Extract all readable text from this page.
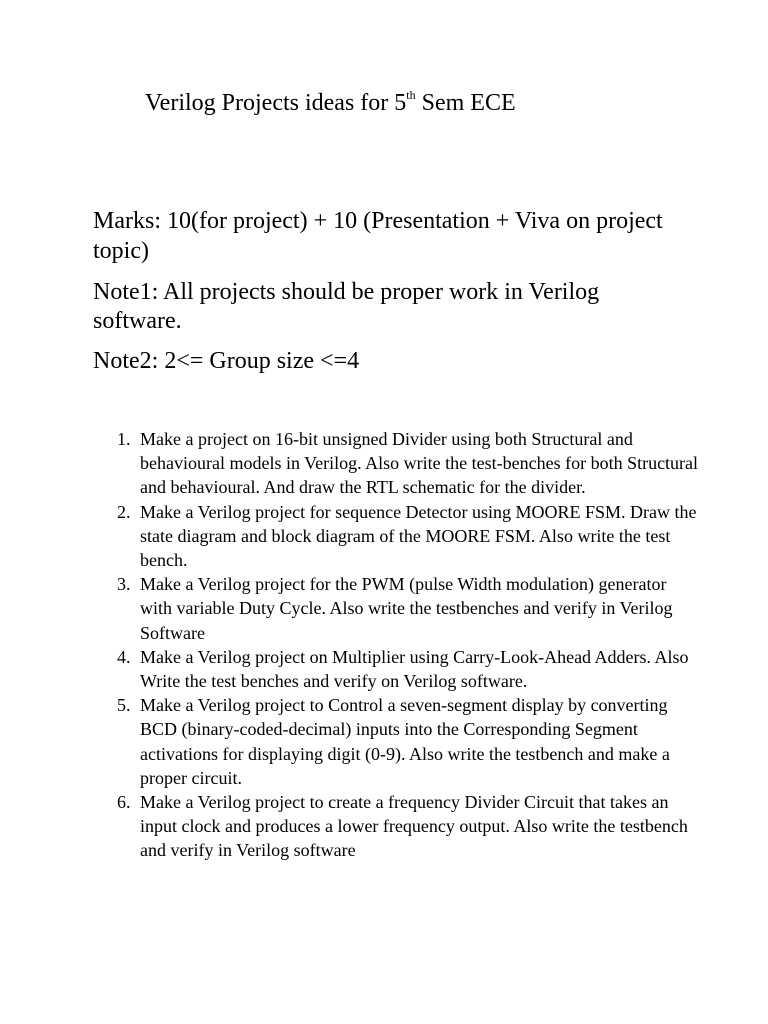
Verilog Projects ideas for 5th Sem ECE
Marks: 10(for project) + 10 (Presentation + Viva on project topic)
Note1: All projects should be proper work in Verilog software.
Note2: 2<= Group size <=4
1. Make a project on 16-bit unsigned Divider using both Structural and behavioural models in Verilog. Also write the test-benches for both Structural and behavioural. And draw the RTL schematic for the divider.
2. Make a Verilog project for sequence Detector using MOORE FSM. Draw the state diagram and block diagram of the MOORE FSM. Also write the test bench.
3. Make a Verilog project for the PWM (pulse Width modulation) generator with variable Duty Cycle. Also write the testbenches and verify in Verilog Software
4. Make a Verilog project on Multiplier using Carry-Look-Ahead Adders. Also Write the test benches and verify on Verilog software.
5. Make a Verilog project to Control a seven-segment display by converting BCD (binary-coded-decimal) inputs into the Corresponding Segment activations for displaying digit (0-9). Also write the testbench and make a proper circuit.
6. Make a Verilog project to create a frequency Divider Circuit that takes an input clock and produces a lower frequency output. Also write the testbench and verify in Verilog software
